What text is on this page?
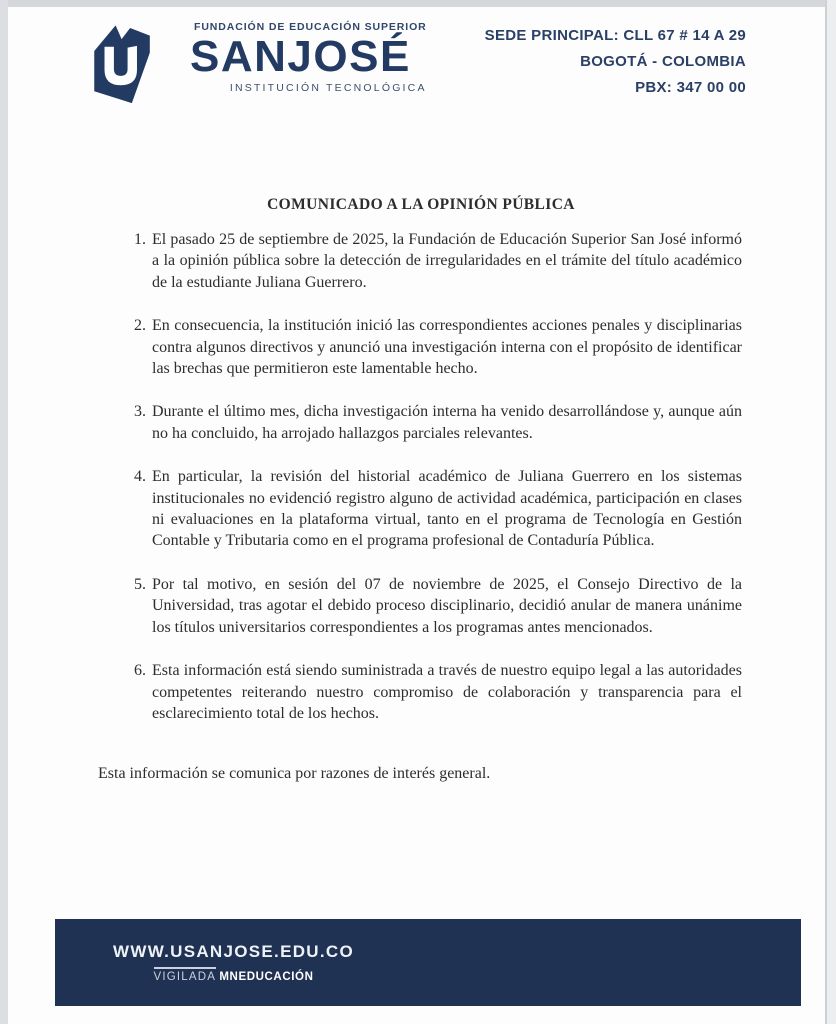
FUNDACIÓN DE EDUCACIÓN SUPERIOR
SANJOSÉ
INSTITUCIÓN TECNOLÓGICA
SEDE PRINCIPAL: CLL 67 # 14 A 29
BOGOTÁ - COLOMBIA
PBX: 347 00 00
COMUNICADO A LA OPINIÓN PÚBLICA
1. El pasado 25 de septiembre de 2025, la Fundación de Educación Superior San José informó a la opinión pública sobre la detección de irregularidades en el trámite del título académico de la estudiante Juliana Guerrero.
2. En consecuencia, la institución inició las correspondientes acciones penales y disciplinarias contra algunos directivos y anunció una investigación interna con el propósito de identificar las brechas que permitieron este lamentable hecho.
3. Durante el último mes, dicha investigación interna ha venido desarrollándose y, aunque aún no ha concluido, ha arrojado hallazgos parciales relevantes.
4. En particular, la revisión del historial académico de Juliana Guerrero en los sistemas institucionales no evidenció registro alguno de actividad académica, participación en clases ni evaluaciones en la plataforma virtual, tanto en el programa de Tecnología en Gestión Contable y Tributaria como en el programa profesional de Contaduría Pública.
5. Por tal motivo, en sesión del 07 de noviembre de 2025, el Consejo Directivo de la Universidad, tras agotar el debido proceso disciplinario, decidió anular de manera unánime los títulos universitarios correspondientes a los programas antes mencionados.
6. Esta información está siendo suministrada a través de nuestro equipo legal a las autoridades competentes reiterando nuestro compromiso de colaboración y transparencia para el esclarecimiento total de los hechos.

Esta información se comunica por razones de interés general.

WWW.USANJOSE.EDU.CO
VIGILADA MNEDUCACIÓN
